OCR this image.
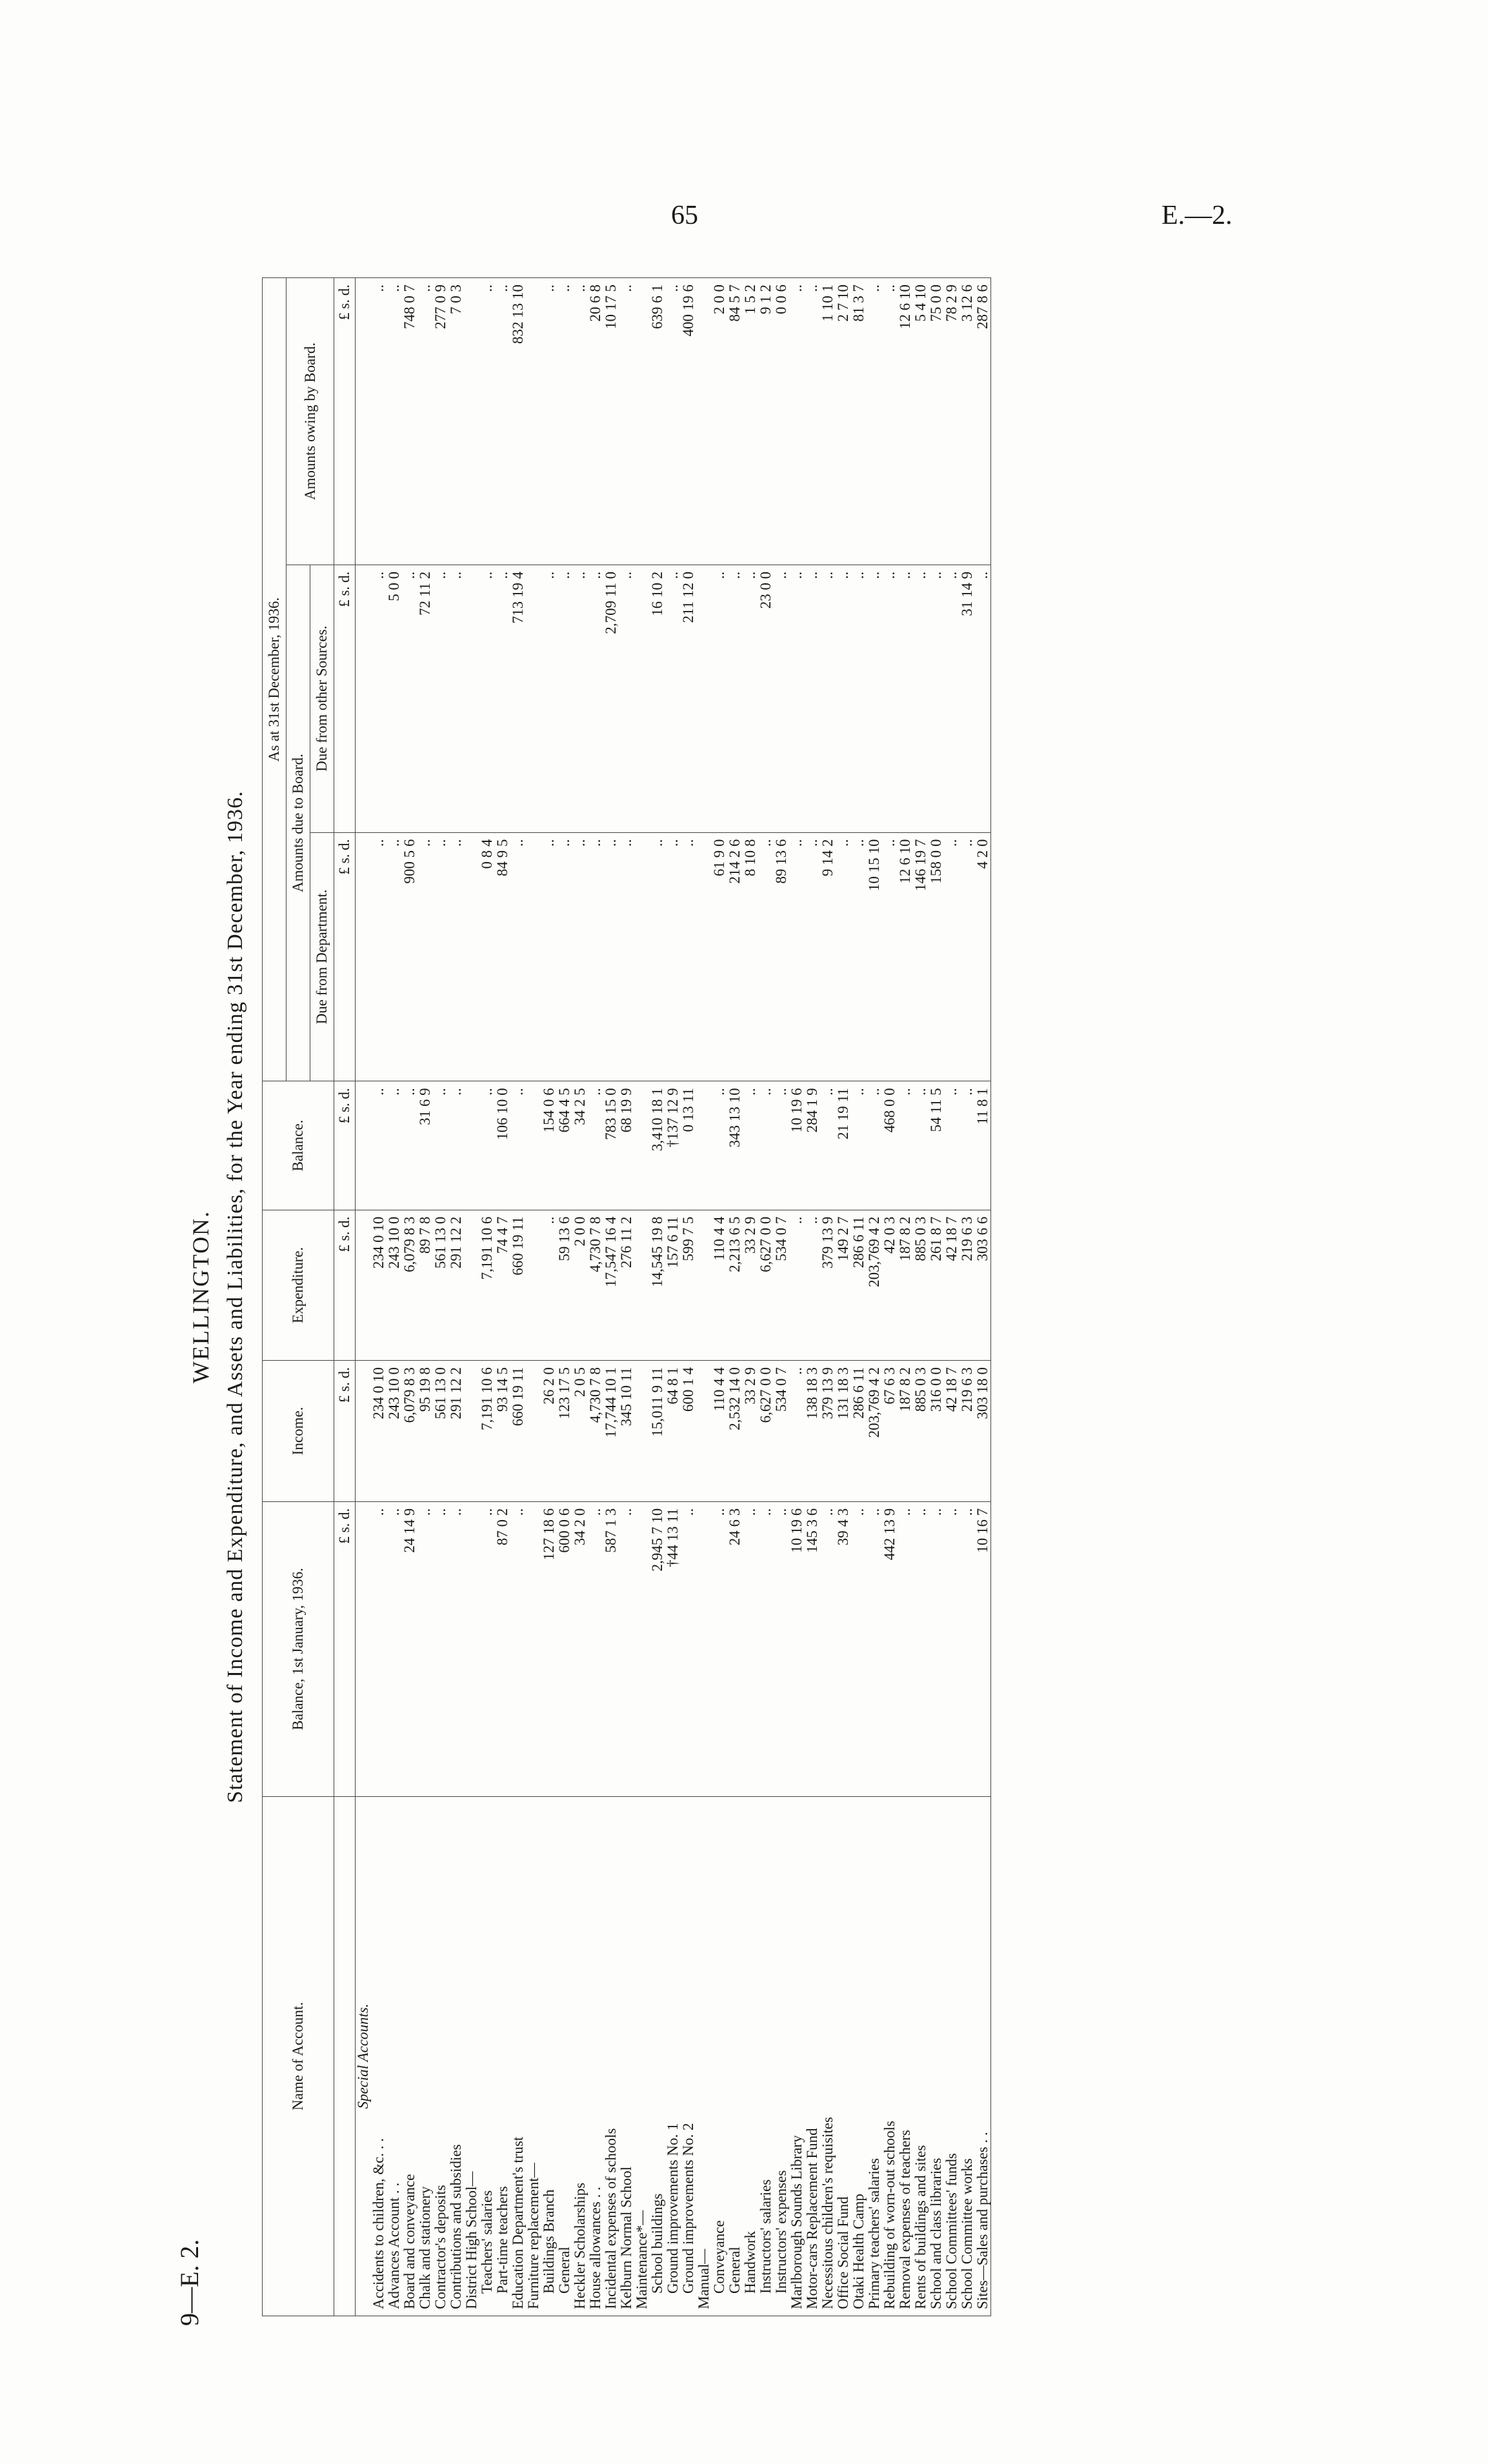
65	E.—2.
9—E. 2.
WELLINGTON. Statement of Income and Expenditure, and Assets and Liabilities, for the Year ending 31st December, 1936.
Name of Account.	Balance, 1st January, 1936.	Income.	Expenditure.	Balance.	As at 31st December, 1936.		
					Amounts due to Board.		Amounts owing by Board.
					Due from Department.	Due from other Sources.	
	£ s. d.	£ s. d.	£ s. d.	£ s. d.	£ s. d.	£ s. d.	£ s. d.
Special Accounts.							
Accidents to children, &c. . .	..	234 0 10	234 0 10	..	..	..	..
Advances Account . .	..	243 10 0	243 10 0	..	..	5 0 0	..
Board and conveyance	24 14 9	6,079 8 3	6,079 8 3	..	900 5 6	..	748 0 7
Chalk and stationery	..	95 19 8	89 7 8	31 6 9	..	72 11 2	..
Contractor's deposits	..	561 13 0	561 13 0	..	..	..	277 0 9
Contributions and subsidies	..	291 12 2	291 12 2	..	..	..	7 0 3
District High School—							
Teachers' salaries	..	7,191 10 6	7,191 10 6	..	0 8 4	..	..
Part-time teachers	87 0 2	93 14 5	74 4 7	106 10 0	84 9 5	..	..
Education Department's trust	..	660 19 11	660 19 11	..	..	713 19 4	832 13 10
Furniture replacement—							
Buildings Branch	127 18 6	26 2 0	..	154 0 6	..	..	..
General	600 0 6	123 17 5	59 13 6	664 4 5	..	..	..
Heckler Scholarships	34 2 0	2 0 5	2 0 0	34 2 5	..	..	..
House allowances . .	..	4,730 7 8	4,730 7 8	..	..	..	20 6 8
Incidental expenses of schools	587 1 3	17,744 10 1	17,547 16 4	783 15 0	..	2,709 11 0	10 17 5
Kelburn Normal School	..	345 10 11	276 11 2	68 19 9	..	..	..
Maintenance*—							
School buildings	2,945 7 10	15,011 9 11	14,545 19 8	3,410 18 1	..	16 10 2	639 6 1
Ground improvements No. 1	†44 13 11	64 8 1	157 6 11	†137 12 9	..	..	..
Ground improvements No. 2	..	600 1 4	599 7 5	0 13 11	..	211 12 0	400 19 6
Manual—							
Conveyance	..	110 4 4	110 4 4	..	61 9 0	..	2 0 0
General	24 6 3	2,532 14 0	2,213 6 5	343 13 10	214 2 6	..	84 5 7
Handwork	..	33 2 9	33 2 9	..	8 10 8	..	1 5 2
Instructors' salaries	..	6,627 0 0	6,627 0 0	..	..	23 0 0	9 1 2
Instructors' expenses	..	534 0 7	534 0 7	..	89 13 6	..	0 0 6
Marlborough Sounds Library	10 19 6	..	..	10 19 6	..	..	..
Motor-cars Replacement Fund	145 3 6	138 18 3	..	284 1 9	..	..	..
Necessitous children's requisites	..	379 13 9	379 13 9	..	9 14 2	..	1 10 1
Office Social Fund	39 4 3	131 18 3	149 2 7	21 19 11	..	..	2 7 10
Otaki Health Camp	..	286 6 11	286 6 11	..	..	..	81 3 7
Primary teachers' salaries	..	203,769 4 2	203,769 4 2	..	10 15 10	..	..
Rebuilding of worn-out schools	442 13 9	67 6 3	42 0 3	468 0 0	..	..	..
Removal expenses of teachers	..	187 8 2	187 8 2	..	12 6 10	..	12 6 10
Rents of buildings and sites	..	885 0 3	885 0 3	..	146 19 7	..	5 4 10
School and class libraries	..	316 0 0	261 8 7	54 11 5	158 0 0	..	75 0 0
School Committees' funds	..	42 18 7	42 18 7	..	..	..	78 2 9
School Committee works	..	219 6 3	219 6 3	..	..	31 14 9	3 12 6
Sites—Sales and purchases . .	10 16 7	303 18 0	303 6 6	11 8 1	4 2 0	..	287 8 6
